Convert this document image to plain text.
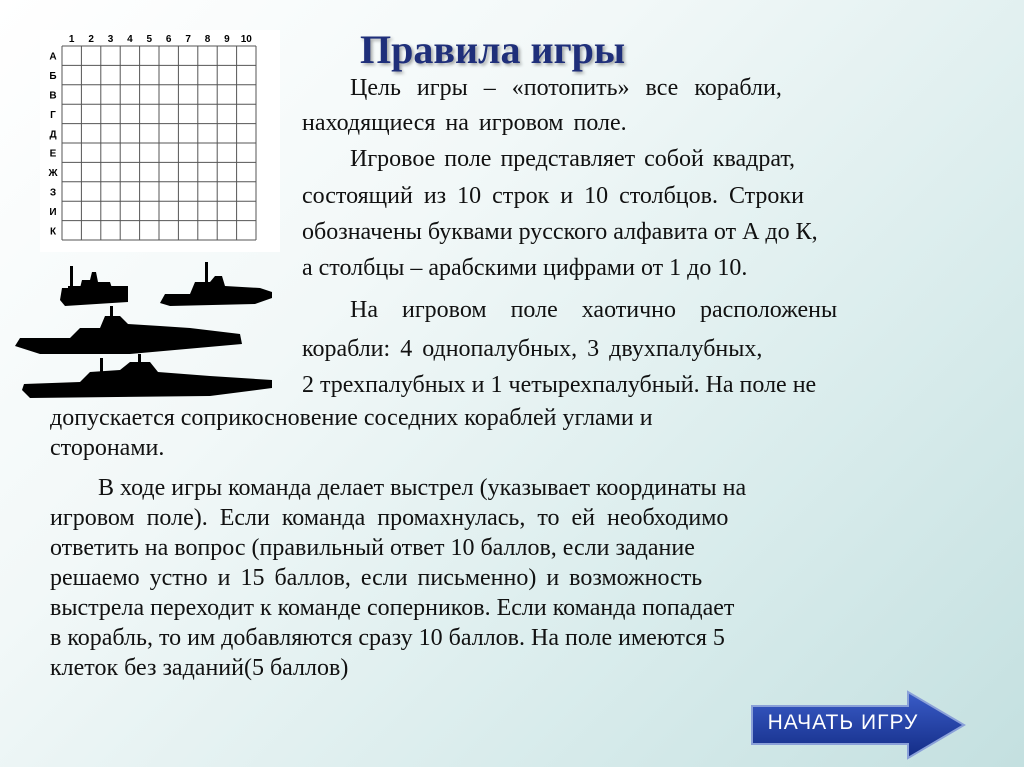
Правила игры
1 2 3 4 5 6 7 8 9 10
А
Б
В
Г
Д
Е
Ж
З
И
К
Цель игры – «потопить» все корабли,
находящиеся на игровом поле.
Игровое поле представляет собой квадрат,
состоящий из 10 строк и 10 столбцов. Строки
обозначены буквами русского алфавита от А до К,
а столбцы – арабскими цифрами от 1 до 10.
На игровом поле хаотично расположены
корабли: 4 однопалубных, 3 двухпалубных,
2 трехпалубных и 1 четырехпалубный. На поле не
допускается соприкосновение соседних кораблей углами и
сторонами.
В ходе игры команда делает выстрел (указывает координаты на
игровом поле). Если команда промахнулась, то ей необходимо
ответить на вопрос (правильный ответ 10 баллов, если задание
решаемо устно и 15 баллов, если письменно) и возможность
выстрела переходит к команде соперников. Если команда попадает
в корабль, то им добавляются сразу 10 баллов. На поле имеются 5
клеток без заданий(5 баллов)
НАЧАТЬ ИГРУ
